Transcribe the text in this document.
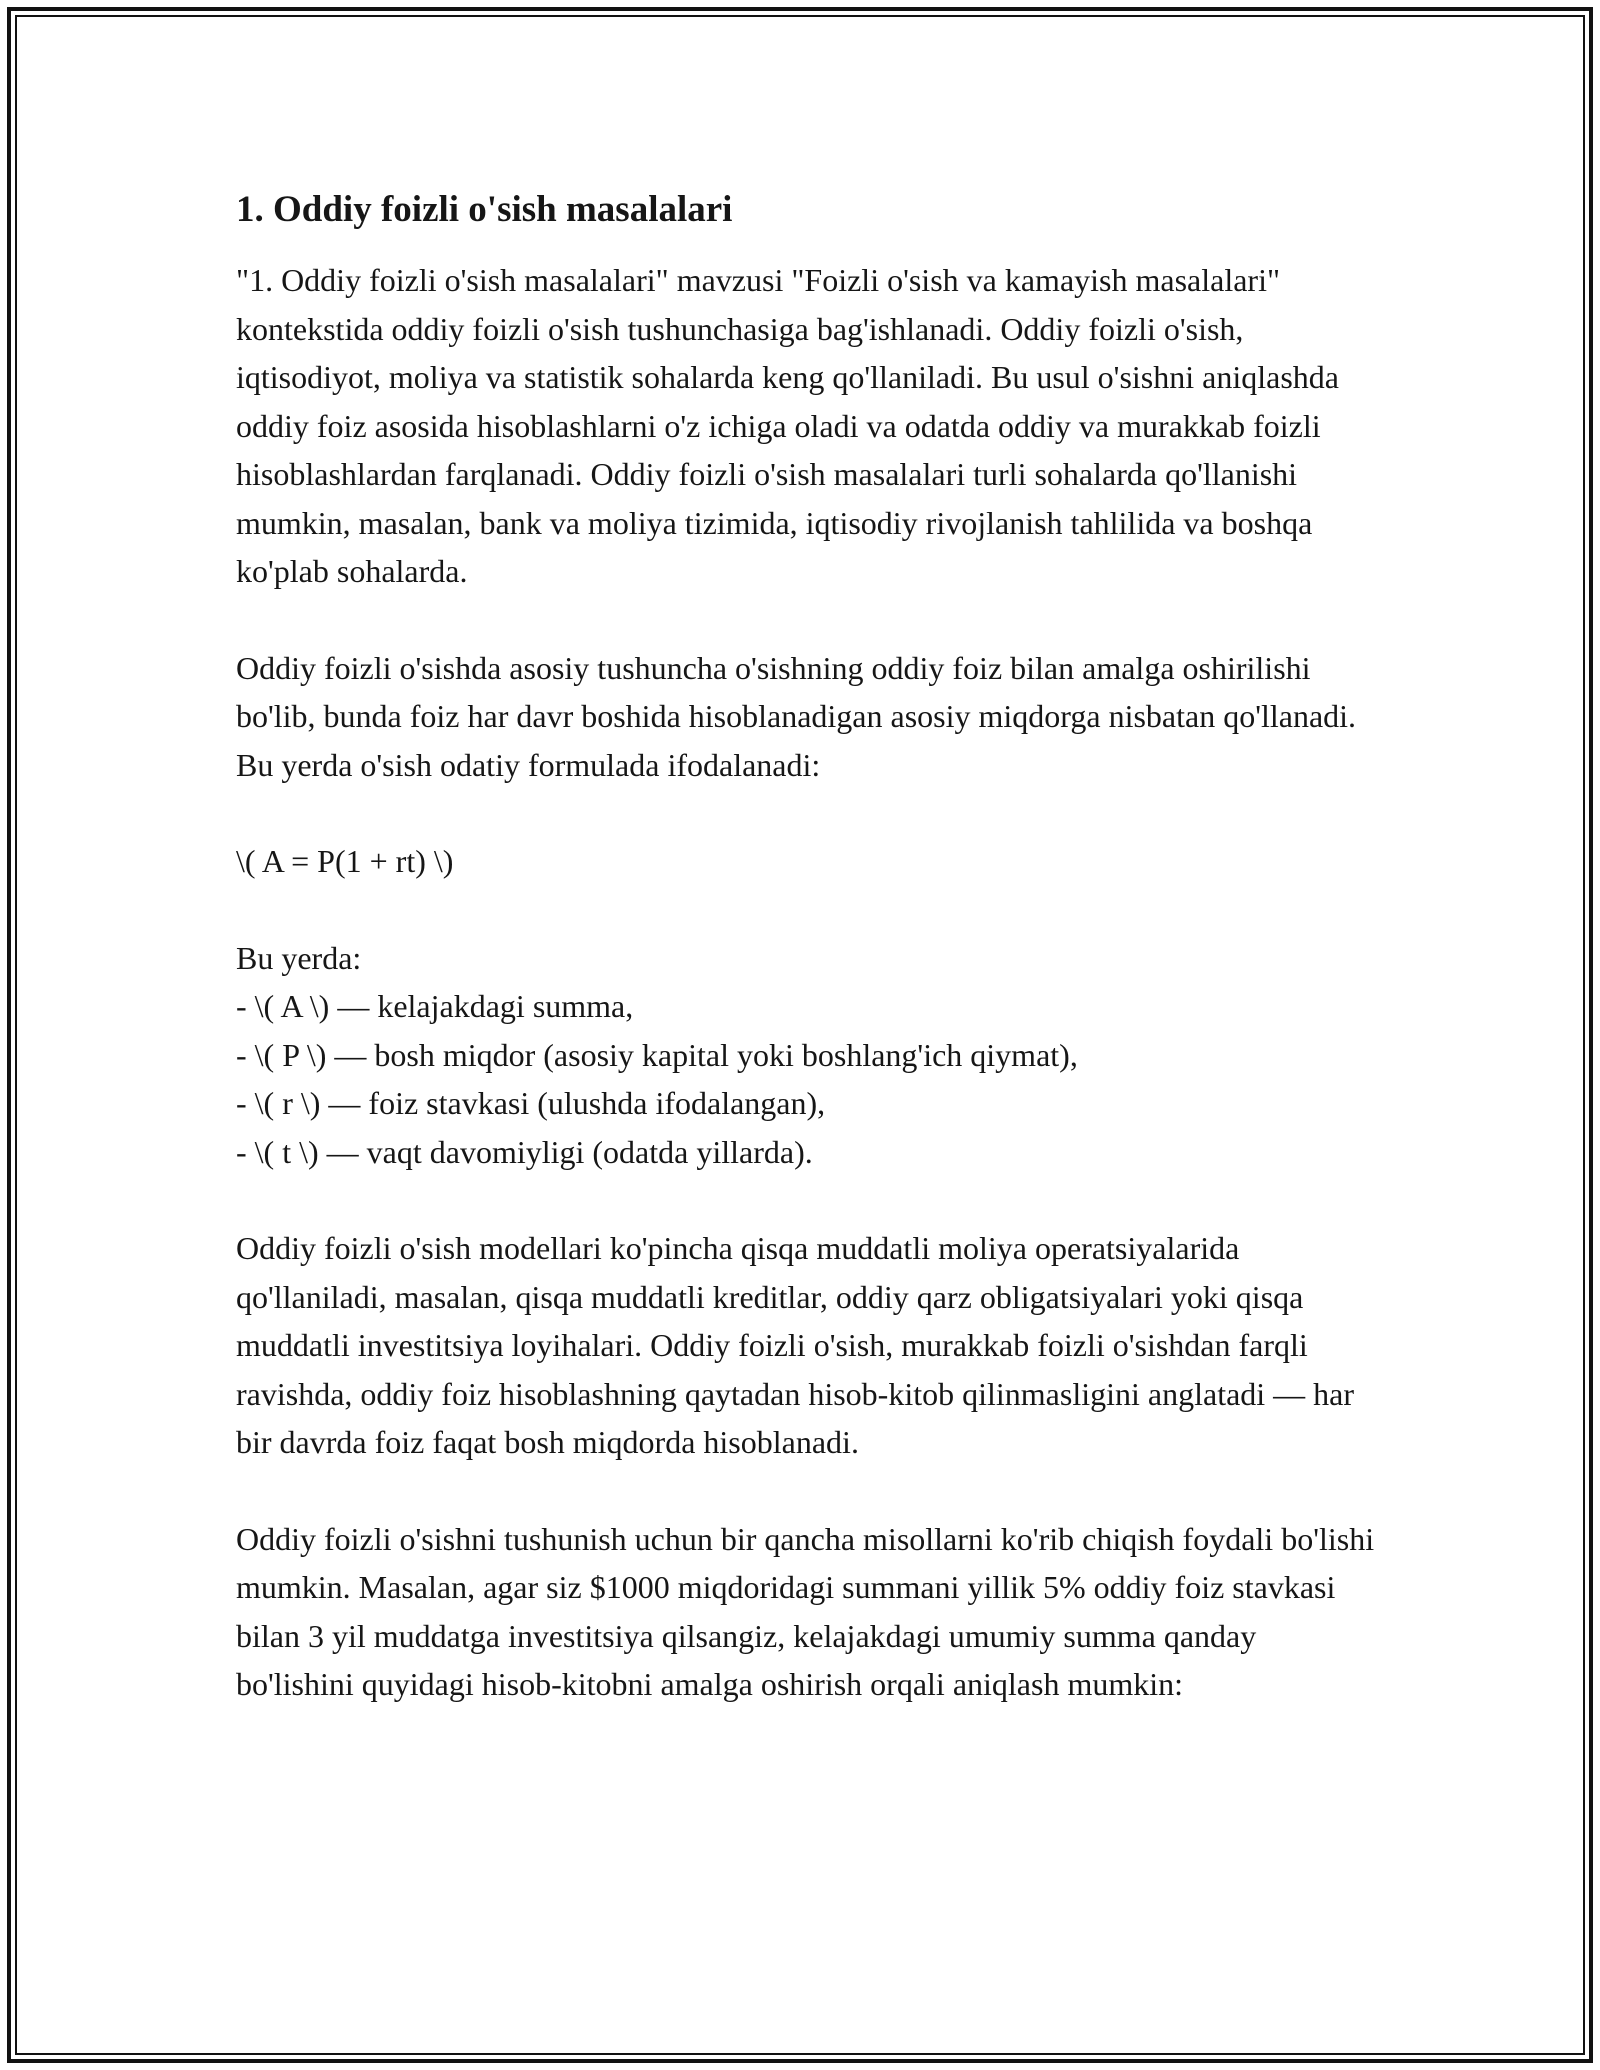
1. Oddiy foizli o'sish masalalari

"1. Oddiy foizli o'sish masalalari" mavzusi "Foizli o'sish va kamayish masalalari" kontekstida oddiy foizli o'sish tushunchasiga bag'ishlanadi. Oddiy foizli o'sish, iqtisodiyot, moliya va statistik sohalarda keng qo'llaniladi. Bu usul o'sishni aniqlashda oddiy foiz asosida hisoblashlarni o'z ichiga oladi va odatda oddiy va murakkab foizli hisoblashlardan farqlanadi. Oddiy foizli o'sish masalalari turli sohalarda qo'llanishi mumkin, masalan, bank va moliya tizimida, iqtisodiy rivojlanish tahlilida va boshqa ko'plab sohalarda.

Oddiy foizli o'sishda asosiy tushuncha o'sishning oddiy foiz bilan amalga oshirilishi bo'lib, bunda foiz har davr boshida hisoblanadigan asosiy miqdorga nisbatan qo'llanadi. Bu yerda o'sish odatiy formulada ifodalanadi:

\( A = P(1 + rt) \)

Bu yerda:
- \( A \) — kelajakdagi summa,
- \( P \) — bosh miqdor (asosiy kapital yoki boshlang'ich qiymat),
- \( r \) — foiz stavkasi (ulushda ifodalangan),
- \( t \) — vaqt davomiyligi (odatda yillarda).

Oddiy foizli o'sish modellari ko'pincha qisqa muddatli moliya operatsiyalarida qo'llaniladi, masalan, qisqa muddatli kreditlar, oddiy qarz obligatsiyalari yoki qisqa muddatli investitsiya loyihalari. Oddiy foizli o'sish, murakkab foizli o'sishdan farqli ravishda, oddiy foiz hisoblashning qaytadan hisob-kitob qilinmasligini anglatadi — har bir davrda foiz faqat bosh miqdorda hisoblanadi.

Oddiy foizli o'sishni tushunish uchun bir qancha misollarni ko'rib chiqish foydali bo'lishi mumkin. Masalan, agar siz $1000 miqdoridagi summani yillik 5% oddiy foiz stavkasi bilan 3 yil muddatga investitsiya qilsangiz, kelajakdagi umumiy summa qanday bo'lishini quyidagi hisob-kitobni amalga oshirish orqali aniqlash mumkin:
